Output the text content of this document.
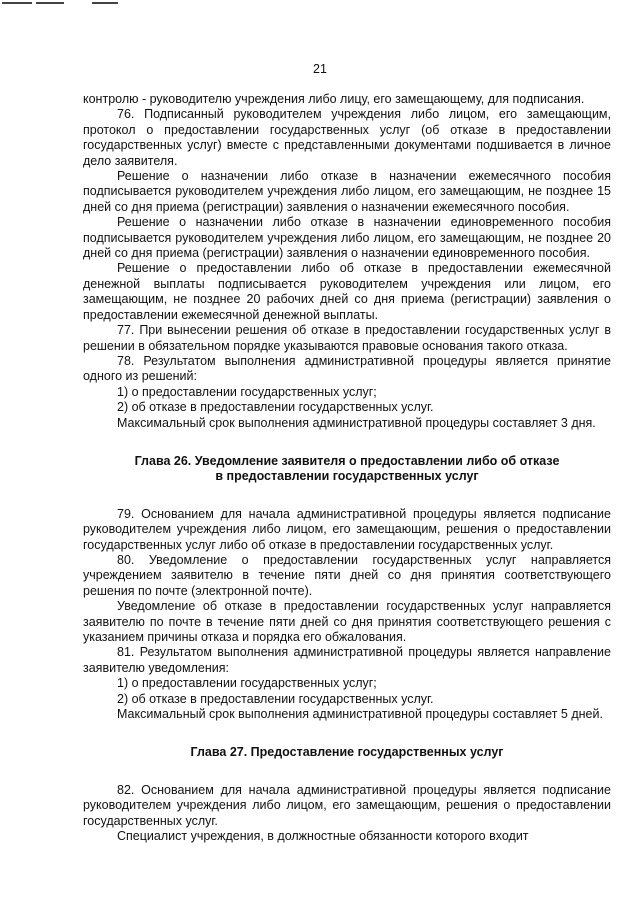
21

контролю - руководителю учреждения либо лицу, его замещающему, для подписания.

76. Подписанный руководителем учреждения либо лицом, его замещающим, протокол о предоставлении государственных услуг (об отказе в предоставлении государственных услуг) вместе с представленными документами подшивается в личное дело заявителя.

Решение о назначении либо отказе в назначении ежемесячного пособия подписывается руководителем учреждения либо лицом, его замещающим, не позднее 15 дней со дня приема (регистрации) заявления о назначении ежемесячного пособия.

Решение о назначении либо отказе в назначении единовременного пособия подписывается руководителем учреждения либо лицом, его замещающим, не позднее 20 дней со дня приема (регистрации) заявления о назначении единовременного пособия.

Решение о предоставлении либо об отказе в предоставлении ежемесячной денежной выплаты подписывается руководителем учреждения или лицом, его замещающим, не позднее 20 рабочих дней со дня приема (регистрации) заявления о предоставлении ежемесячной денежной выплаты.

77. При вынесении решения об отказе в предоставлении государственных услуг в решении в обязательном порядке указываются правовые основания такого отказа.

78. Результатом выполнения административной процедуры является принятие одного из решений:

1) о предоставлении государственных услуг;

2) об отказе в предоставлении государственных услуг.

Максимальный срок выполнения административной процедуры составляет 3 дня.

Глава 26. Уведомление заявителя о предоставлении либо об отказе
в предоставлении государственных услуг

79. Основанием для начала административной процедуры является подписание руководителем учреждения либо лицом, его замещающим, решения о предоставлении государственных услуг либо об отказе в предоставлении государственных услуг.

80. Уведомление о предоставлении государственных услуг направляется учреждением заявителю в течение пяти дней со дня принятия соответствующего решения по почте (электронной почте).

Уведомление об отказе в предоставлении государственных услуг направляется заявителю по почте в течение пяти дней со дня принятия соответствующего решения с указанием причины отказа и порядка его обжалования.

81. Результатом выполнения административной процедуры является направление заявителю уведомления:

1) о предоставлении государственных услуг;

2) об отказе в предоставлении государственных услуг.

Максимальный срок выполнения административной процедуры составляет 5 дней.

Глава 27. Предоставление государственных услуг

82. Основанием для начала административной процедуры является подписание руководителем учреждения либо лицом, его замещающим, решения о предоставлении государственных услуг.

Специалист учреждения, в должностные обязанности которого входит
